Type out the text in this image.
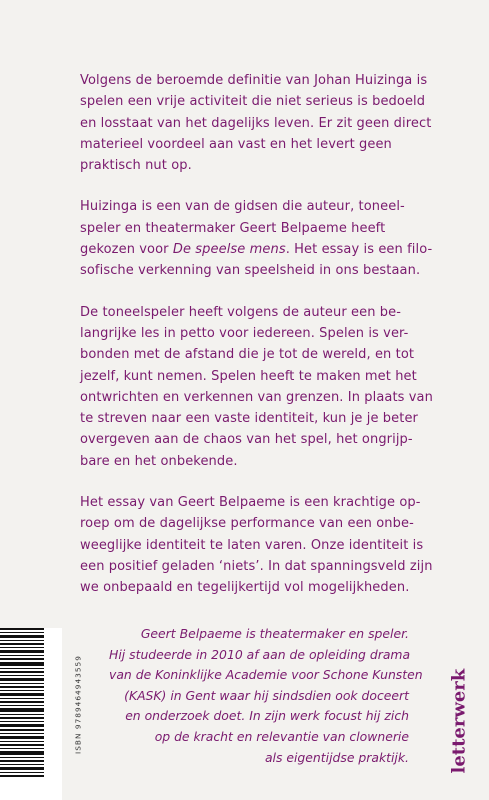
Volgens de beroemde definitie van Johan Huizinga is
spelen een vrije activiteit die niet serieus is bedoeld
en losstaat van het dagelijks leven. Er zit geen direct
materieel voordeel aan vast en het levert geen
praktisch nut op.

Huizinga is een van de gidsen die auteur, toneel-
speler en theatermaker Geert Belpaeme heeft
gekozen voor De speelse mens. Het essay is een filo-
sofische verkenning van speelsheid in ons bestaan.

De toneelspeler heeft volgens de auteur een be-
langrijke les in petto voor iedereen. Spelen is ver-
bonden met de afstand die je tot de wereld, en tot
jezelf, kunt nemen. Spelen heeft te maken met het
ontwrichten en verkennen van grenzen. In plaats van
te streven naar een vaste identiteit, kun je je beter
overgeven aan de chaos van het spel, het ongrijp-
bare en het onbekende.

Het essay van Geert Belpaeme is een krachtige op-
roep om de dagelijkse performance van een onbe-
weeglijke identiteit te laten varen. Onze identiteit is
een positief geladen ‘niets’. In dat spanningsveld zijn
we onbepaald en tegelijkertijd vol mogelijkheden.

Geert Belpaeme is theatermaker en speler.
Hij studeerde in 2010 af aan de opleiding drama
van de Koninklijke Academie voor Schone Kunsten
(KASK) in Gent waar hij sindsdien ook doceert
en onderzoek doet. In zijn werk focust hij zich
op de kracht en relevantie van clownerie
als eigentijdse praktijk.
ISBN 9789464943559	letterwerk
